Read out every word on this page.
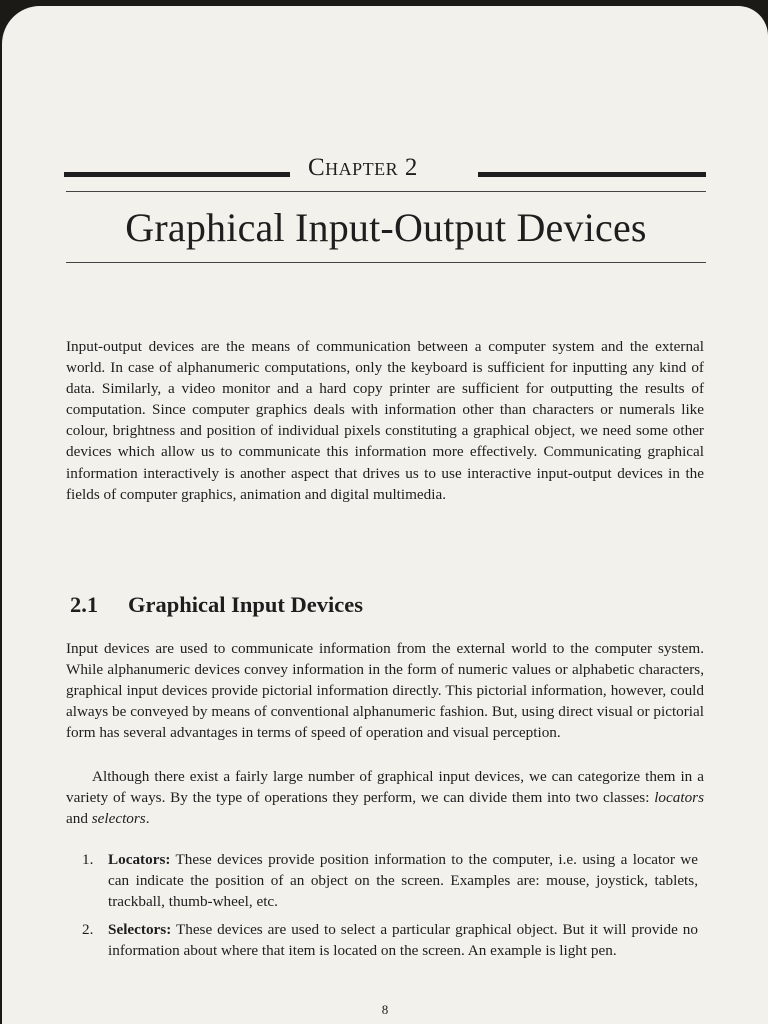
Chapter 2
Graphical Input-Output Devices

Input-output devices are the means of communication between a computer system and the external world. In case of alphanumeric computations, only the keyboard is sufficient for inputting any kind of data. Similarly, a video monitor and a hard copy printer are sufficient for outputting the results of computation. Since computer graphics deals with information other than characters or numerals like colour, brightness and position of individual pixels constituting a graphical object, we need some other devices which allow us to communicate this information more effectively. Communicating graphical information interactively is another aspect that drives us to use interactive input-output devices in the fields of computer graphics, animation and digital multimedia.

2.1 Graphical Input Devices

Input devices are used to communicate information from the external world to the computer system. While alphanumeric devices convey information in the form of numeric values or alphabetic characters, graphical input devices provide pictorial information directly. This pictorial information, however, could always be conveyed by means of conventional alphanumeric fashion. But, using direct visual or pictorial form has several advantages in terms of speed of operation and visual perception.

Although there exist a fairly large number of graphical input devices, we can categorize them in a variety of ways. By the type of operations they perform, we can divide them into two classes: locators and selectors.

1. Locators: These devices provide position information to the computer, i.e. using a locator we can indicate the position of an object on the screen. Examples are: mouse, joystick, tablets, trackball, thumb-wheel, etc.
2. Selectors: These devices are used to select a particular graphical object. But it will provide no information about where that item is located on the screen. An example is light pen.
8
